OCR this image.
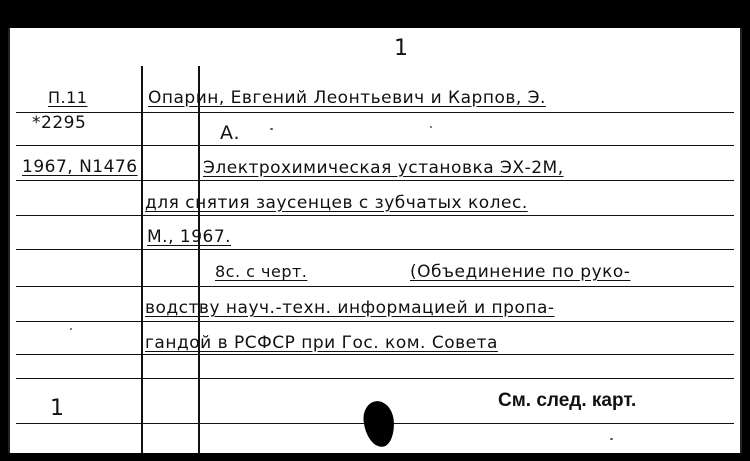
1
П.11
*2295
1967, N1476
Опарин, Евгений Леонтьевич и Карпов, Э.
А.
Электрохимическая установка ЭХ-2М,
для снятия заусенцев с зубчатых колес.
М., 1967.
8с. с черт.	(Объединение по руко-
водству науч.-техн. информацией и пропа-
гандой в РСФСР при Гос. ком. Совета
1	См. след. карт.
